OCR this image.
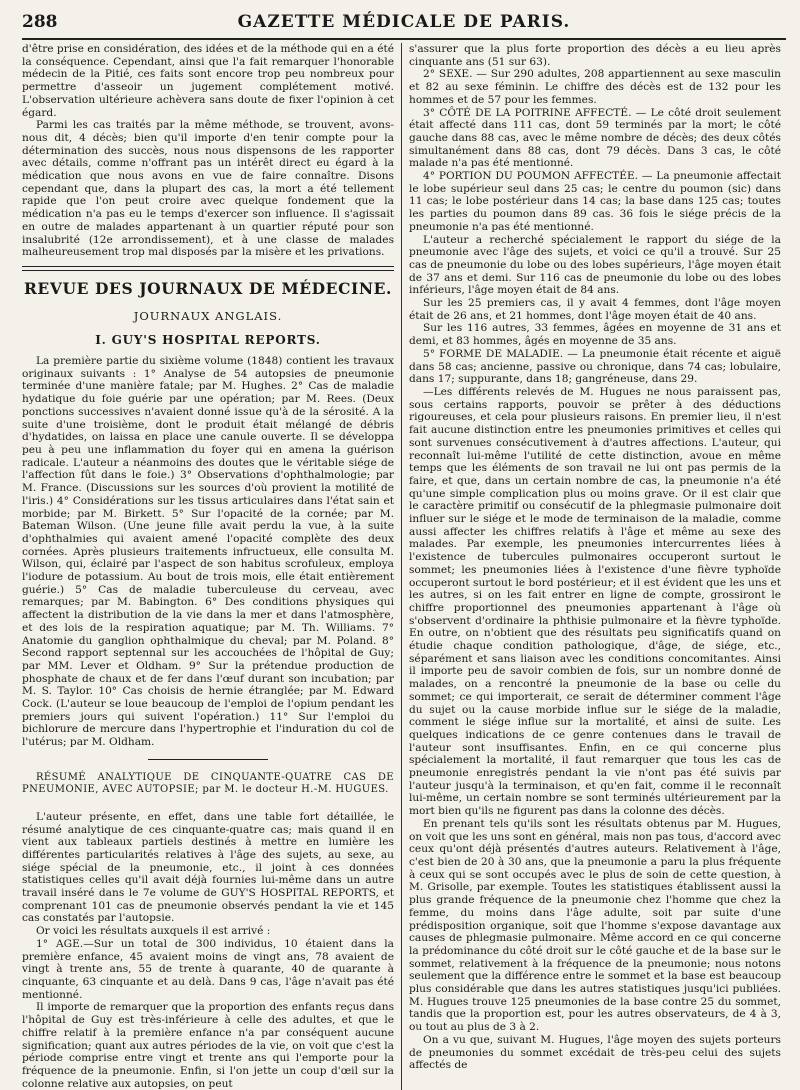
288	GAZETTE MÉDICALE DE PARIS.

d'être prise en considération, des idées et de la méthode qui en a été la conséquence. Cependant, ainsi que l'a fait remarquer l'honorable médecin de la Pitié, ces faits sont encore trop peu nombreux pour permettre d'asseoir un jugement complétement motivé. L'observation ultérieure achèvera sans doute de fixer l'opinion à cet égard.

Parmi les cas traités par la même méthode, se trouvent, avons-nous dit, 4 décès; bien qu'il importe d'en tenir compte pour la détermination des succès, nous nous dispensons de les rapporter avec détails, comme n'offrant pas un intérêt direct eu égard à la médication que nous avons en vue de faire connaître. Disons cependant que, dans la plupart des cas, la mort a été tellement rapide que l'on peut croire avec quelque fondement que la médication n'a pas eu le temps d'exercer son influence. Il s'agissait en outre de malades appartenant à un quartier réputé pour son insalubrité (12e arrondissement), et à une classe de malades malheureusement trop mal disposés par la misère et les privations.

REVUE DES JOURNAUX DE MÉDECINE.
JOURNAUX ANGLAIS.
I. GUY'S HOSPITAL REPORTS.

La première partie du sixième volume (1848) contient les travaux originaux suivants : 1° Analyse de 54 autopsies de pneumonie terminée d'une manière fatale; par M. Hughes. 2° Cas de maladie hydatique du foie guérie par une opération; par M. Rees. (Deux ponctions successives n'avaient donné issue qu'à de la sérosité. A la suite d'une troisième, dont le produit était mélangé de débris d'hydatides, on laissa en place une canule ouverte. Il se développa peu à peu une inflammation du foyer qui en amena la guérison radicale. L'auteur a néanmoins des doutes que le véritable siége de l'affection fût dans le foie.) 3° Observations d'ophthalmologie; par M. France. (Discussions sur les sources d'où provient la motilité de l'iris.) 4° Considérations sur les tissus articulaires dans l'état sain et morbide; par M. Birkett. 5° Sur l'opacité de la cornée; par M. Bateman Wilson. (Une jeune fille avait perdu la vue, à la suite d'ophthalmies qui avaient amené l'opacité complète des deux cornées. Après plusieurs traitements infructueux, elle consulta M. Wilson, qui, éclairé par l'aspect de son habitus scrofuleux, employa l'iodure de potassium. Au bout de trois mois, elle était entièrement guérie.) 5° Cas de maladie tuberculeuse du cerveau, avec remarques; par M. Babington. 6° Des conditions physiques qui affectent la distribution de la vie dans la mer et dans l'atmosphère, et des lois de la respiration aquatique; par M. Th. Williams. 7° Anatomie du ganglion ophthalmique du cheval; par M. Poland. 8° Second rapport septennal sur les accouchées de l'hôpital de Guy; par MM. Lever et Oldham. 9° Sur la prétendue production de phosphate de chaux et de fer dans l'œuf durant son incubation; par M. S. Taylor. 10° Cas choisis de hernie étranglée; par M. Edward Cock. (L'auteur se loue beaucoup de l'emploi de l'opium pendant les premiers jours qui suivent l'opération.) 11° Sur l'emploi du bichlorure de mercure dans l'hypertrophie et l'induration du col de l'utérus; par M. Oldham.

RÉSUMÉ ANALYTIQUE DE CINQUANTE-QUATRE CAS DE PNEUMONIE, AVEC AUTOPSIE; par M. le docteur H.-M. HUGUES.

L'auteur présente, en effet, dans une table fort détaillée, le résumé analytique de ces cinquante-quatre cas; mais quand il en vient aux tableaux partiels destinés à mettre en lumière les différentes particularités relatives à l'âge des sujets, au sexe, au siége spécial de la pneumonie, etc., il joint à ces données statistiques celles qu'il avait déjà fournies lui-même dans un autre travail inséré dans le 7e volume de GUY'S HOSPITAL REPORTS, et comprenant 101 cas de pneumonie observés pendant la vie et 145 cas constatés par l'autopsie.

Or voici les résultats auxquels il est arrivé :

1° AGE.—Sur un total de 300 individus, 10 étaient dans la première enfance, 45 avaient moins de vingt ans, 78 avaient de vingt à trente ans, 55 de trente à quarante, 40 de quarante à cinquante, 63 cinquante et au delà. Dans 9 cas, l'âge n'avait pas été mentionné.

Il importe de remarquer que la proportion des enfants reçus dans l'hôpital de Guy est très-inférieure à celle des adultes, et que le chiffre relatif à la première enfance n'a par conséquent aucune signification; quant aux autres périodes de la vie, on voit que c'est la période comprise entre vingt et trente ans qui l'emporte pour la fréquence de la pneumonie. Enfin, si l'on jette un coup d'œil sur la colonne relative aux autopsies, on peut

s'assurer que la plus forte proportion des décès a eu lieu après cinquante ans (51 sur 63).

2° SEXE. — Sur 290 adultes, 208 appartiennent au sexe masculin et 82 au sexe féminin. Le chiffre des décès est de 132 pour les hommes et de 57 pour les femmes.

3° CÔTÉ DE LA POITRINE AFFECTÉ. — Le côté droit seulement était affecté dans 111 cas, dont 59 terminés par la mort; le côté gauche dans 88 cas, avec le même nombre de décès; des deux côtés simultanément dans 88 cas, dont 79 décès. Dans 3 cas, le côté malade n'a pas été mentionné.

4° PORTION DU POUMON AFFECTÉE. — La pneumonie affectait le lobe supérieur seul dans 25 cas; le centre du poumon (sic) dans 11 cas; le lobe postérieur dans 14 cas; la base dans 125 cas; toutes les parties du poumon dans 89 cas. 36 fois le siége précis de la pneumonie n'a pas été mentionné.

L'auteur a recherché spécialement le rapport du siége de la pneumonie avec l'âge des sujets, et voici ce qu'il a trouvé. Sur 25 cas de pneumonie du lobe ou des lobes supérieurs, l'âge moyen était de 37 ans et demi. Sur 116 cas de pneumonie du lobe ou des lobes inférieurs, l'âge moyen était de 84 ans.

Sur les 25 premiers cas, il y avait 4 femmes, dont l'âge moyen était de 26 ans, et 21 hommes, dont l'âge moyen était de 40 ans.

Sur les 116 autres, 33 femmes, âgées en moyenne de 31 ans et demi, et 83 hommes, âgés en moyenne de 35 ans.

5° FORME DE MALADIE. — La pneumonie était récente et aiguë dans 58 cas; ancienne, passive ou chronique, dans 74 cas; lobulaire, dans 17; suppurante, dans 18; gangréneuse, dans 29.

—Les différents relevés de M. Hugues ne nous paraissent pas, sous certains rapports, pouvoir se prêter à des déductions rigoureuses, et cela pour plusieurs raisons. En premier lieu, il n'est fait aucune distinction entre les pneumonies primitives et celles qui sont survenues consécutivement à d'autres affections. L'auteur, qui reconnaît lui-même l'utilité de cette distinction, avoue en même temps que les éléments de son travail ne lui ont pas permis de la faire, et que, dans un certain nombre de cas, la pneumonie n'a été qu'une simple complication plus ou moins grave. Or il est clair que le caractère primitif ou consécutif de la phlegmasie pulmonaire doit influer sur le siége et le mode de terminaison de la maladie, comme aussi affecter les chiffres relatifs à l'âge et même au sexe des malades. Par exemple, les pneumonies intercurrentes liées à l'existence de tubercules pulmonaires occuperont surtout le sommet; les pneumonies liées à l'existence d'une fièvre typhoïde occuperont surtout le bord postérieur; et il est évident que les uns et les autres, si on les fait entrer en ligne de compte, grossiront le chiffre proportionnel des pneumonies appartenant à l'âge où s'observent d'ordinaire la phthisie pulmonaire et la fièvre typhoïde. En outre, on n'obtient que des résultats peu significatifs quand on étudie chaque condition pathologique, d'âge, de siége, etc., séparément et sans liaison avec les conditions concomitantes. Ainsi il importe peu de savoir combien de fois, sur un nombre donné de malades, on a rencontré la pneumonie de la base ou celle du sommet; ce qui importerait, ce serait de déterminer comment l'âge du sujet ou la cause morbide influe sur le siége de la maladie, comment le siége influe sur la mortalité, et ainsi de suite. Les quelques indications de ce genre contenues dans le travail de l'auteur sont insuffisantes. Enfin, en ce qui concerne plus spécialement la mortalité, il faut remarquer que tous les cas de pneumonie enregistrés pendant la vie n'ont pas été suivis par l'auteur jusqu'à la terminaison, et qu'en fait, comme il le reconnaît lui-même, un certain nombre se sont terminés ultérieurement par la mort bien qu'ils ne figurent pas dans la colonne des décès.

En prenant tels qu'ils sont les résultats obtenus par M. Hugues, on voit que les uns sont en général, mais non pas tous, d'accord avec ceux qu'ont déjà présentés d'autres auteurs. Relativement à l'âge, c'est bien de 20 à 30 ans, que la pneumonie a paru la plus fréquente à ceux qui se sont occupés avec le plus de soin de cette question, à M. Grisolle, par exemple. Toutes les statistiques établissent aussi la plus grande fréquence de la pneumonie chez l'homme que chez la femme, du moins dans l'âge adulte, soit par suite d'une prédisposition organique, soit que l'homme s'expose davantage aux causes de phlegmasie pulmonaire. Même accord en ce qui concerne la prédominance du côté droit sur le côté gauche et de la base sur le sommet, relativement à la fréquence de la pneumonie; nous notons seulement que la différence entre le sommet et la base est beaucoup plus considérable que dans les autres statistiques jusqu'ici publiées. M. Hugues trouve 125 pneumonies de la base contre 25 du sommet, tandis que la proportion est, pour les autres observateurs, de 4 à 3, ou tout au plus de 3 à 2.

On a vu que, suivant M. Hugues, l'âge moyen des sujets porteurs de pneumonies du sommet excédait de très-peu celui des sujets affectés de
